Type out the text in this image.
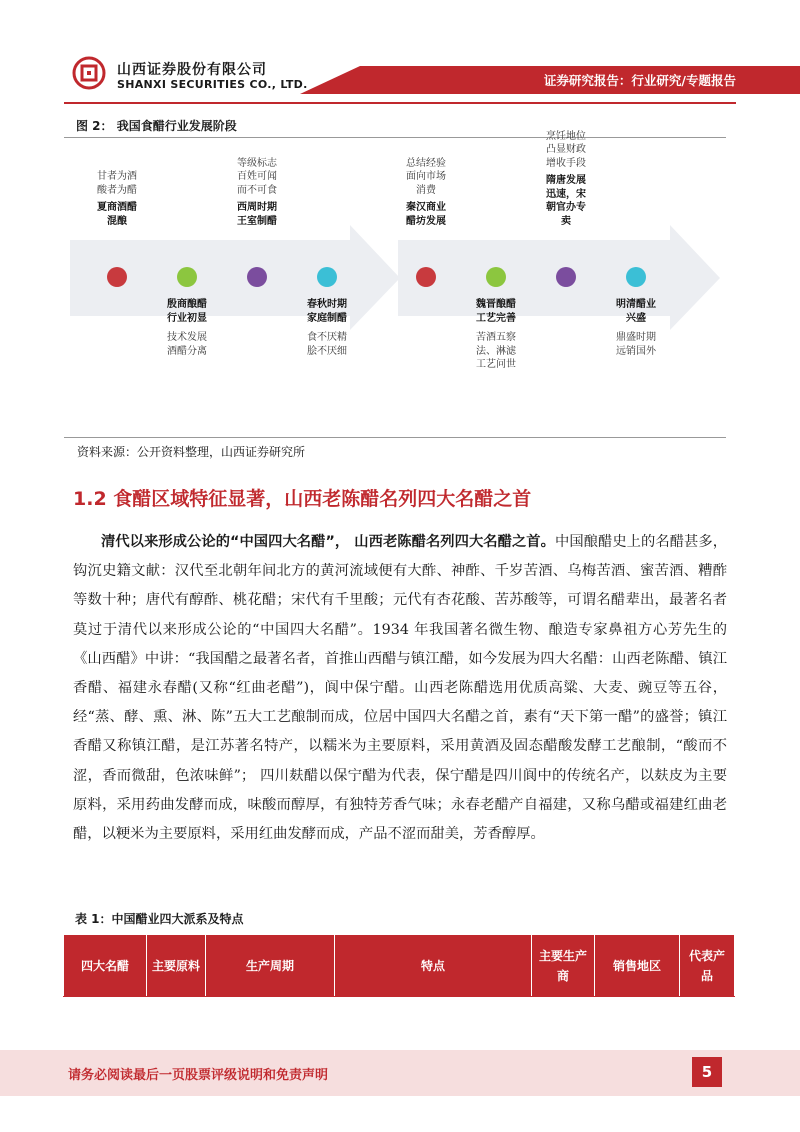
山西证券股份有限公司
SHANXI SECURITIES CO., LTD.	证券研究报告：行业研究/专题报告
图 2： 我国食醋行业发展阶段
甘者为酒
酸者为醋
夏商酒醋
混酿
殷商酿醋
行业初显
技术发展
酒醋分离
等级标志
百姓可闻
而不可食
西周时期
王室制醋
春秋时期
家庭制醋
食不厌精
脍不厌细
总结经验
面向市场
消费
秦汉商业
醋坊发展
魏晋酿醋
工艺完善
苦酒五察
法、淋滤
工艺问世
烹饪地位
凸显财政
增收手段
隋唐发展
迅速，宋
朝官办专
卖
明清醋业
兴盛
鼎盛时期
远销国外
资料来源：公开资料整理，山西证券研究所
1.2 食醋区域特征显著，山西老陈醋名列四大名醋之首
清代以来形成公论的“中国四大名醋”， 山西老陈醋名列四大名醋之首。中国酿醋史上的名醋甚多，钩沉史籍文献：汉代至北朝年间北方的黄河流域便有大酢、神酢、千岁苦酒、乌梅苦酒、蜜苦酒、糟酢等数十种；唐代有醇酢、桃花醋；宋代有千里酸；元代有杏花酸、苦苏酸等，可谓名醋辈出，最著名者莫过于清代以来形成公论的“中国四大名醋”。1934 年我国著名微生物、酿造专家鼻祖方心芳先生的《山西醋》中讲：“我国醋之最著名者，首推山西醋与镇江醋，如今发展为四大名醋：山西老陈醋、镇江香醋、福建永春醋(又称“红曲老醋”)，阆中保宁醋。山西老陈醋选用优质高粱、大麦、豌豆等五谷，经“蒸、酵、熏、淋、陈”五大工艺酿制而成，位居中国四大名醋之首，素有“天下第一醋”的盛誉；镇江香醋又称镇江醋，是江苏著名特产，以糯米为主要原料，采用黄酒及固态醋酸发酵工艺酿制，“酸而不涩，香而微甜，色浓味鲜”； 四川麸醋以保宁醋为代表，保宁醋是四川阆中的传统名产，以麸皮为主要原料，采用药曲发酵而成，味酸而醇厚，有独特芳香气味；永春老醋产自福建，又称乌醋或福建红曲老醋，以粳米为主要原料，采用红曲发酵而成，产品不涩而甜美，芳香醇厚。
表 1：中国醋业四大派系及特点
四大名醋	主要原料	生产周期	特点	主要生产商	销售地区	代表产品
请务必阅读最后一页股票评级说明和免责声明	5
